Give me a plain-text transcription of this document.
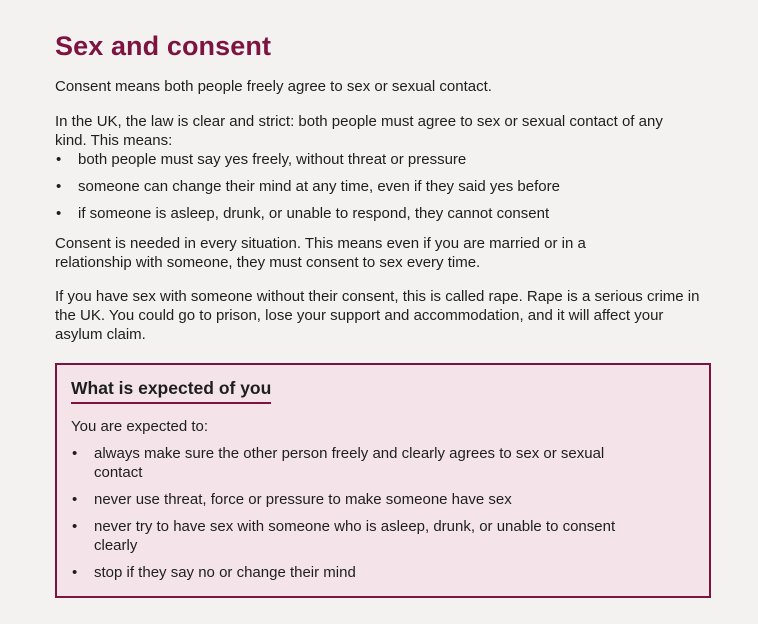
Sex and consent

Consent means both people freely agree to sex or sexual contact.

In the UK, the law is clear and strict: both people must agree to sex or sexual contact of any kind. This means:

• both people must say yes freely, without threat or pressure
• someone can change their mind at any time, even if they said yes before
• if someone is asleep, drunk, or unable to respond, they cannot consent

Consent is needed in every situation. This means even if you are married or in a relationship with someone, they must consent to sex every time.

If you have sex with someone without their consent, this is called rape. Rape is a serious crime in the UK. You could go to prison, lose your support and accommodation, and it will affect your asylum claim.

What is expected of you

You are expected to:

• always make sure the other person freely and clearly agrees to sex or sexual contact
• never use threat, force or pressure to make someone have sex
• never try to have sex with someone who is asleep, drunk, or unable to consent clearly
• stop if they say no or change their mind
